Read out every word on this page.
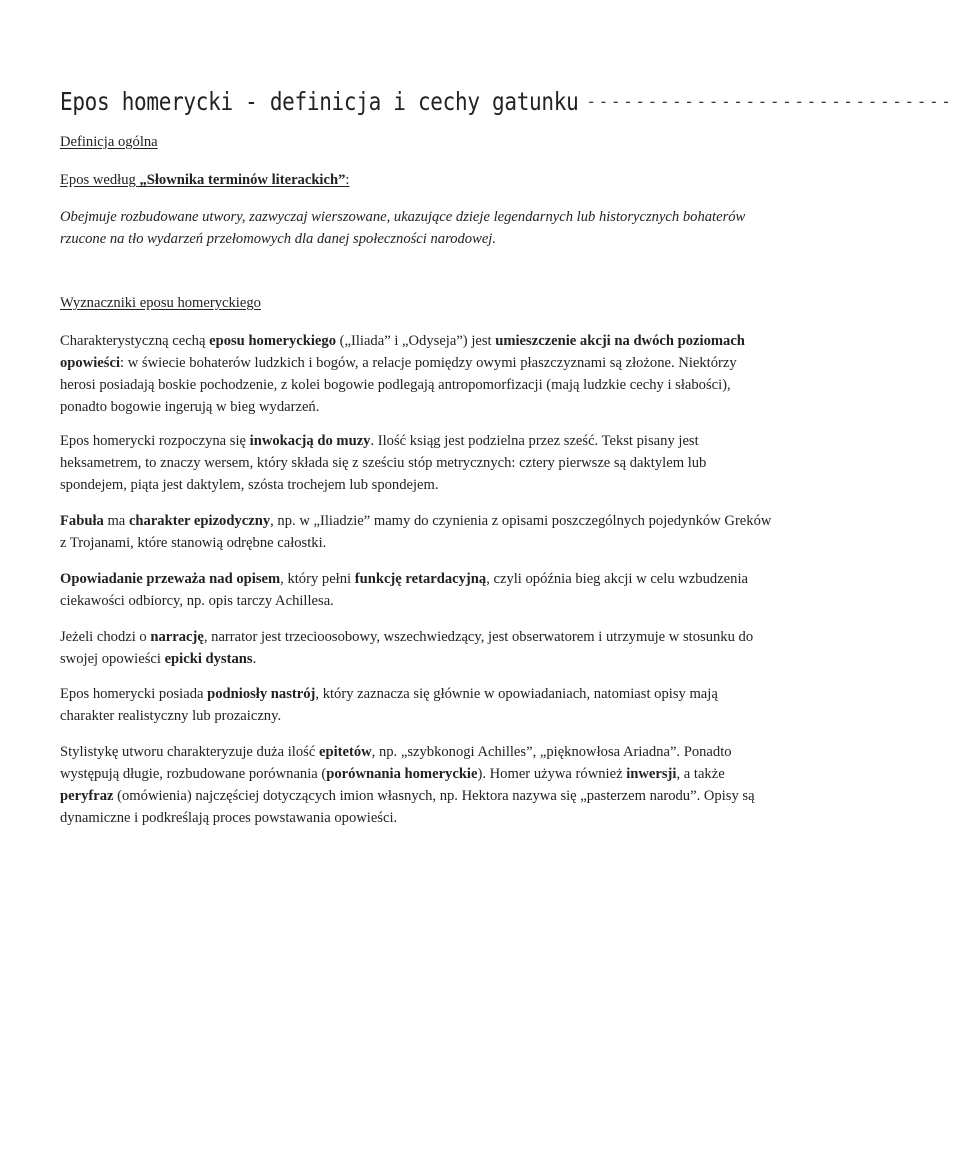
Epos homerycki - definicja i cechy gatunku ------------------------------
Definicja ogólna
Epos według „Słownika terminów literackich”:
Obejmuje rozbudowane utwory, zazwyczaj wierszowane, ukazujące dzieje legendarnych lub historycznych bohaterów rzucone na tło wydarzeń przełomowych dla danej społeczności narodowej.
Wyznaczniki eposu homeryckiego
Charakterystyczną cechą eposu homeryckiego („Iliada” i „Odyseja”) jest umieszczenie akcji na dwóch poziomach opowieści: w świecie bohaterów ludzkich i bogów, a relacje pomiędzy owymi płaszczyznami są złożone. Niektórzy herosi posiadają boskie pochodzenie, z kolei bogowie podlegają antropomorfizacji (mają ludzkie cechy i słabości), ponadto bogowie ingerują w bieg wydarzeń.
Epos homerycki rozpoczyna się inwokacją do muzy. Ilość ksiąg jest podzielna przez sześć. Tekst pisany jest heksametrem, to znaczy wersem, który składa się z sześciu stóp metrycznych: cztery pierwsze są daktylem lub spondejem, piąta jest daktylem, szósta trochejem lub spondejem.
Fabuła ma charakter epizodyczny, np. w „Iliadzie” mamy do czynienia z opisami poszczególnych pojedynków Greków z Trojanami, które stanowią odrębne całostki.
Opowiadanie przeważa nad opisem, który pełni funkcję retardacyjną, czyli opóźnia bieg akcji w celu wzbudzenia ciekawości odbiorcy, np. opis tarczy Achillesa.
Jeżeli chodzi o narrację, narrator jest trzecioosobowy, wszechwiedzący, jest obserwatorem i utrzymuje w stosunku do swojej opowieści epicki dystans.
Epos homerycki posiada podniosły nastrój, który zaznacza się głównie w opowiadaniach, natomiast opisy mają charakter realistyczny lub prozaiczny.
Stylistykę utworu charakteryzuje duża ilość epitetów, np. „szybkonogi Achilles”, „pięknowłosa Ariadna”. Ponadto występują długie, rozbudowane porównania (porównania homeryckie). Homer używa również inwersji, a także peryfraz (omówienia) najczęściej dotyczących imion własnych, np. Hektora nazywa się „pasterzem narodu”. Opisy są dynamiczne i podkreślają proces powstawania opowieści.
